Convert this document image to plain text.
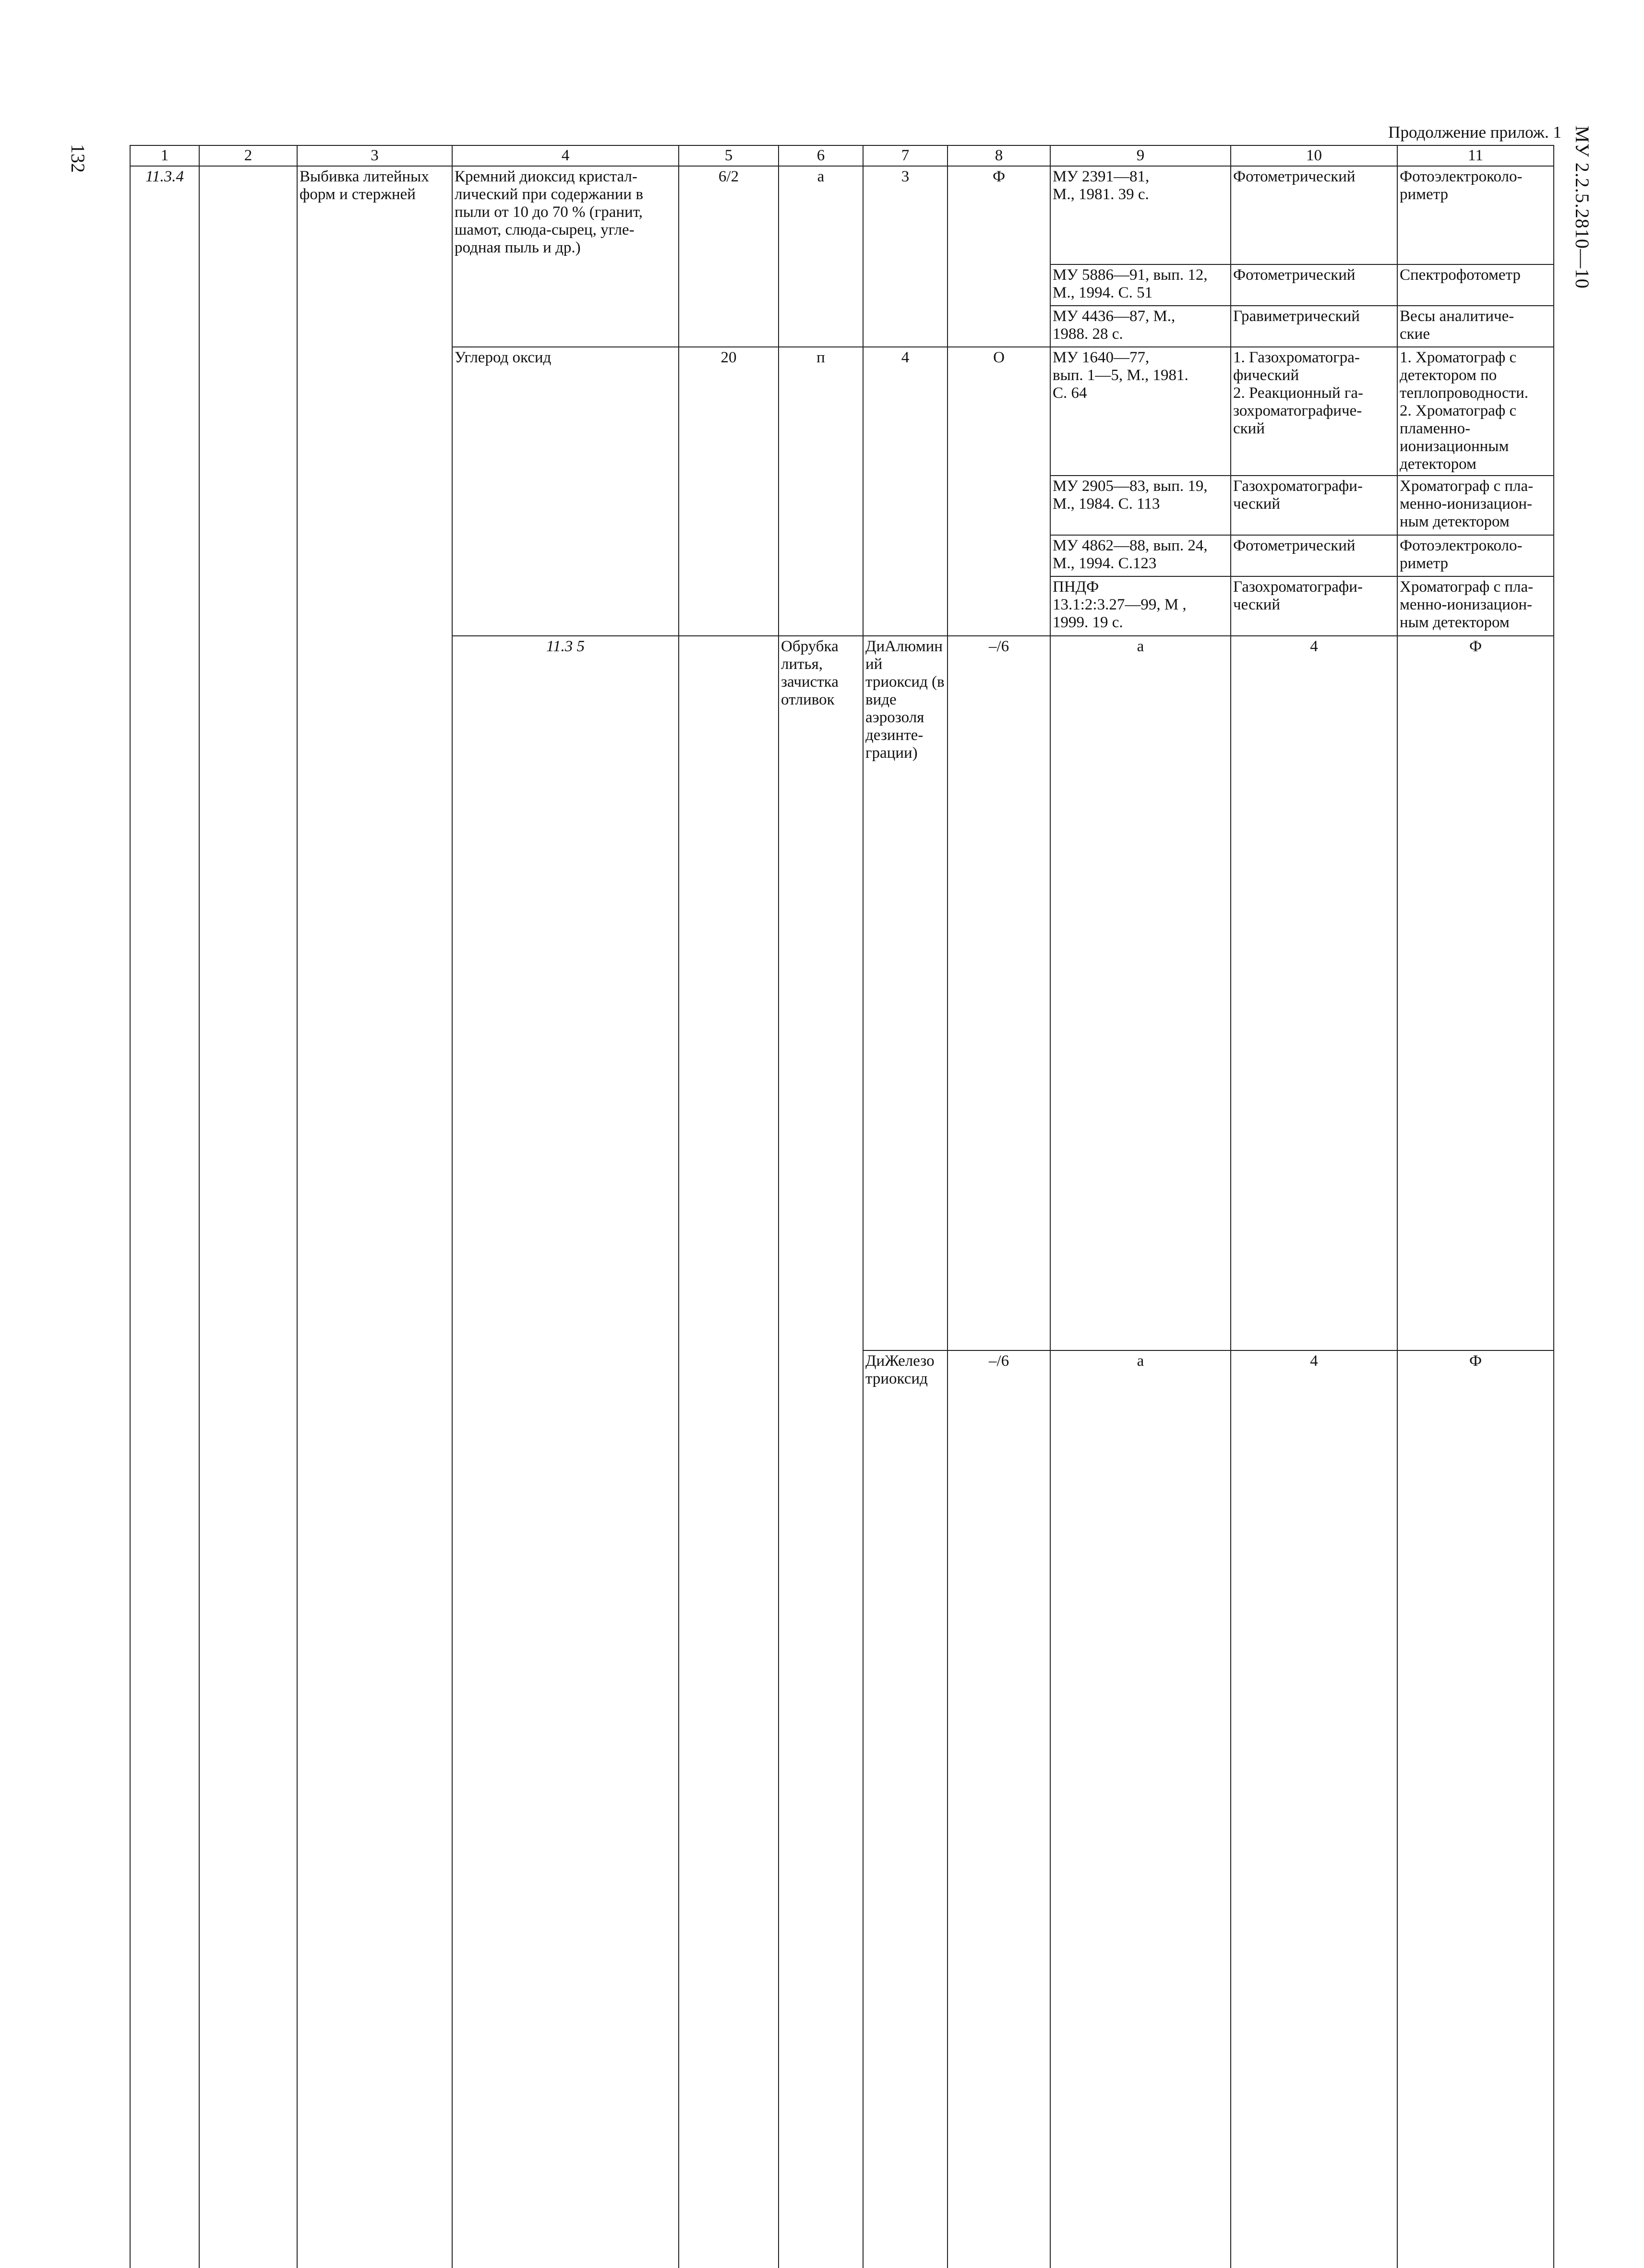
132	МУ 2.2.5.2810—10
Продолжение прилож. 1
1	2	3	4	5	6	7	8	9	10	11	
11.3.4		Выбивка литейных форм и стержней	Кремний диоксид кристал-
лический при содержании в пыли от 10 до 70 % (гранит, шамот, слюда-сырец, угле-
родная пыль и др.)	6/2	а	3	Ф	МУ 2391—81,
М., 1981. 39 с.	Фотометрический	Фотоэлектроколо-
риметр	
								МУ 5886—91, вып. 12,
М., 1994. С. 51	Фотометрический	Спектрофотометр	
								МУ 4436—87, М.,
1988. 28 с.	Гравиметрический	Весы аналитиче-
ские	
			Углерод оксид	20	п	4	О	МУ 1640—77,
вып. 1—5, М., 1981.
С. 64	1. Газохроматогра-
фический
2. Реакционный га-
зохроматографиче-
ский	1. Хроматограф с детектором по теплопроводности.
2. Хроматограф с пламенно-
ионизационным детектором	
								МУ 2905—83, вып. 19,
М., 1984. С. 113	Газохроматографи-
ческий	Хроматограф с пла-
менно-ионизацион-
ным детектором	
								МУ 4862—88, вып. 24,
М., 1994. С.123	Фотометрический	Фотоэлектроколо-
риметр	
								ПНДФ
13.1:2:3.27—99, М ,
1999. 19 с.	Газохроматографи-
ческий	Хроматограф с пла-
менно-ионизацион-
ным детектором	
			11.3 5		Обрубка литья, зачистка отливок	ДиАлюминий триоксид (в виде аэрозоля дезинте-
грации)	–/6	а	4	Ф			
						ДиЖелезо триоксид	–/6	а	4	Ф			
